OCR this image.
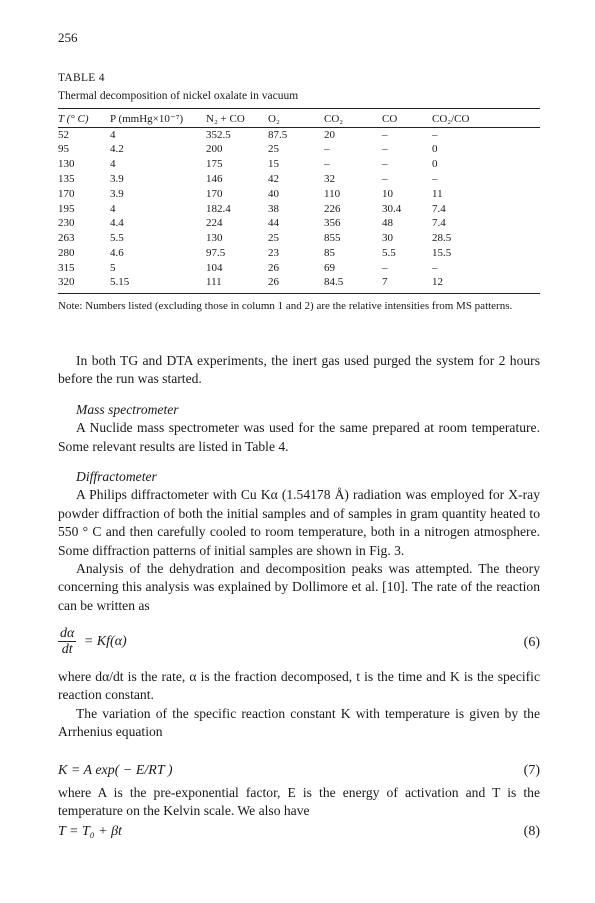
256
TABLE 4
Thermal decomposition of nickel oxalate in vacuum
T (° C)	P (mmHg×10⁻⁷)	N₂ + CO	O₂	CO₂	CO	CO₂/CO
52	4	352.5	87.5	20	–	–
95	4.2	200	25	–	–	0
130	4	175	15	–	–	0
135	3.9	146	42	32	–	–
170	3.9	170	40	110	10	11
195	4	182.4	38	226	30.4	7.4
230	4.4	224	44	356	48	7.4
263	5.5	130	25	855	30	28.5
280	4.6	97.5	23	85	5.5	15.5
315	5	104	26	69	–	–
320	5.15	111	26	84.5	7	12

Note: Numbers listed (excluding those in column 1 and 2) are the relative intensities from MS patterns.

In both TG and DTA experiments, the inert gas used purged the system for 2 hours before the run was started.

Mass spectrometer

A Nuclide mass spectrometer was used for the same prepared at room temperature. Some relevant results are listed in Table 4.

Diffractometer

A Philips diffractometer with Cu Kα (1.54178 Å) radiation was employed for X-ray powder diffraction of both the initial samples and of samples in gram quantity heated to 550 ° C and then carefully cooled to room temperature, both in a nitrogen atmosphere. Some diffraction patterns of initial samples are shown in Fig. 3.

Analysis of the dehydration and decomposition peaks was attempted. The theory concerning this analysis was explained by Dollimore et al. [10]. The rate of the reaction can be written as

$\frac{d\alpha}{dt} = Kf(\alpha)$	(6)

where dα/dt is the rate, α is the fraction decomposed, t is the time and K is the specific reaction constant.

The variation of the specific reaction constant K with temperature is given by the Arrhenius equation

K = A exp( − E/RT )	(7)

where A is the pre-exponential factor, E is the energy of activation and T is the temperature on the Kelvin scale. We also have

T = T₀ + βt	(8)
